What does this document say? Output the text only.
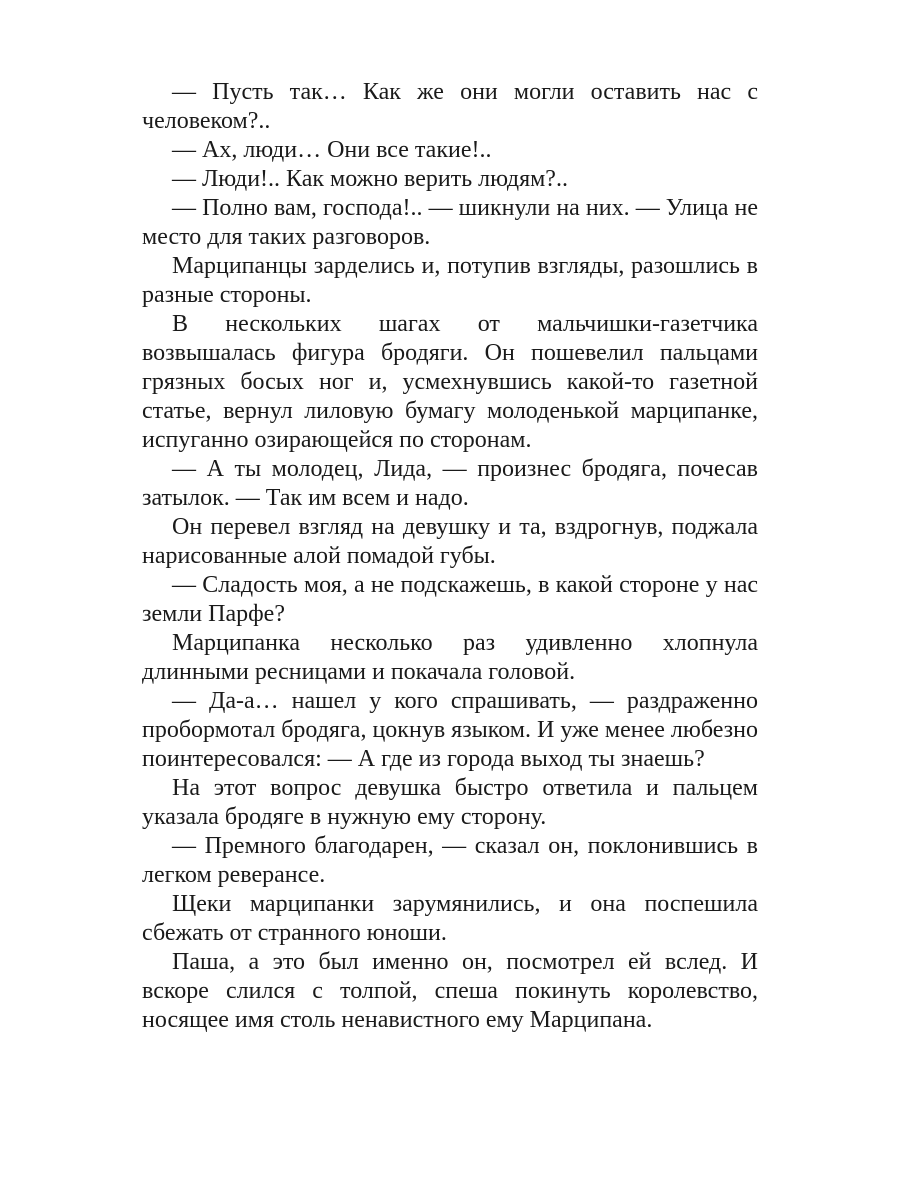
— Пусть так… Как же они могли оставить нас с человеком?..

— Ах, люди… Они все такие!..

— Люди!.. Как можно верить людям?..

— Полно вам, господа!.. — шикнули на них. — Улица не место для таких разговоров.

Марципанцы зарделись и, потупив взгляды, разошлись в разные стороны.

В нескольких шагах от мальчишки-газетчика возвышалась фигура бродяги. Он пошевелил пальцами грязных босых ног и, усмехнувшись какой-то газетной статье, вернул лиловую бумагу молоденькой марципанке, испуганно озирающейся по сторонам.

— А ты молодец, Лида, — произнес бродяга, почесав затылок. — Так им всем и надо.

Он перевел взгляд на девушку и та, вздрогнув, поджала нарисованные алой помадой губы.

— Сладость моя, а не подскажешь, в какой стороне у нас земли Парфе?

Марципанка несколько раз удивленно хлопнула длинными ресницами и покачала головой.

— Да-а… нашел у кого спрашивать, — раздраженно пробормотал бродяга, цокнув языком. И уже менее любезно поинтересовался: — А где из города выход ты знаешь?

На этот вопрос девушка быстро ответила и пальцем указала бродяге в нужную ему сторону.

— Премного благодарен, — сказал он, поклонившись в легком реверансе.

Щеки марципанки зарумянились, и она поспешила сбежать от странного юноши.

Паша, а это был именно он, посмотрел ей вслед. И вскоре слился с толпой, спеша покинуть королевство, носящее имя столь ненавистного ему Марципана.
